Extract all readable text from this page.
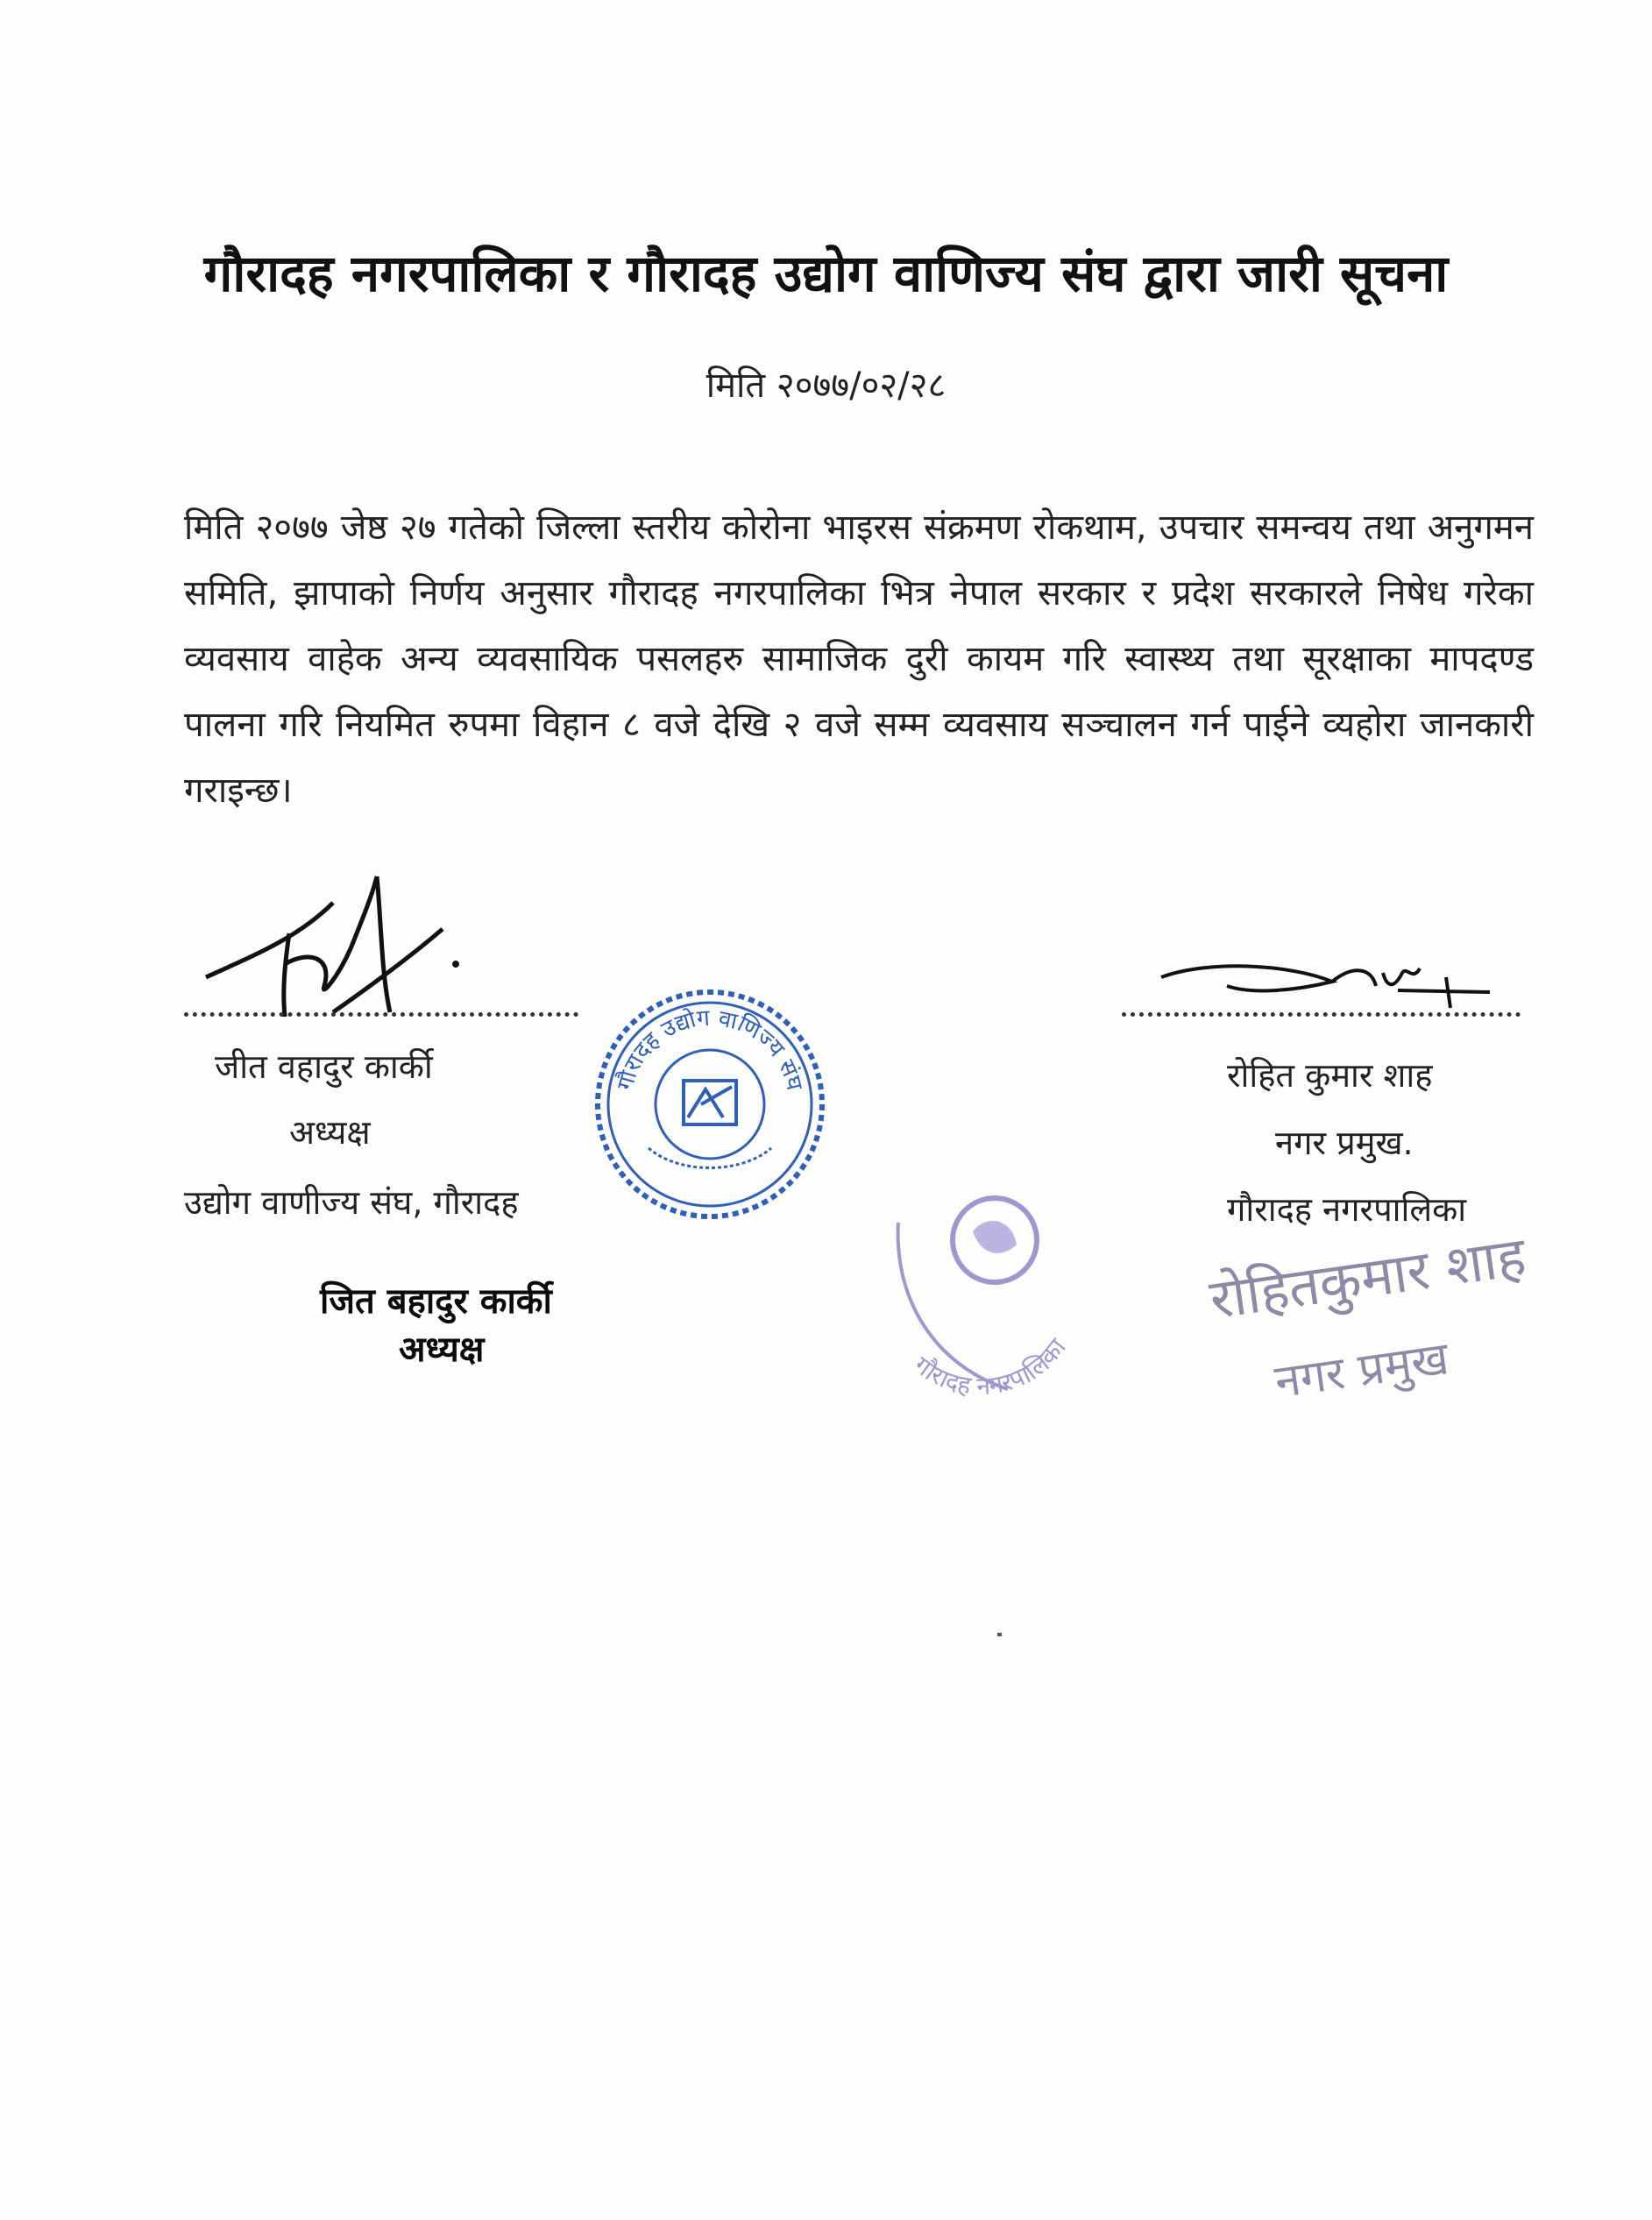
गौरादह नगरपालिका र गौरादह उद्योग वाणिज्य संघ द्वारा जारी सूचना
मिति २०७७/०२/२८
मिति २०७७ जेष्ठ २७ गतेको जिल्ला स्तरीय कोरोना भाइरस संक्रमण रोकथाम, उपचार समन्वय तथा अनुगमन समिति, झापाको निर्णय अनुसार गौरादह नगरपालिका भित्र नेपाल सरकार र प्रदेश सरकारले निषेध गरेका व्यवसाय वाहेक अन्य व्यवसायिक पसलहरु सामाजिक दुरी कायम गरि स्वास्थ्य तथा सूरक्षाका मापदण्ड पालना गरि नियमित रुपमा विहान ८ वजे देखि २ वजे सम्म व्यवसाय सञ्चालन गर्न पाईने व्यहोरा जानकारी गराइन्छ।
जीत वहादुर कार्की
अध्यक्ष
उद्योग वाणीज्य संघ, गौरादह
जित बहादुर कार्की
अध्यक्ष
गौरादह उद्योग वाणिज्य संघ
गौरादह नगरपालिका
रोहित कुमार शाह
नगर प्रमुख.
गौरादह नगरपालिका
रोहितकुमार शाह
नगर प्रमुख
